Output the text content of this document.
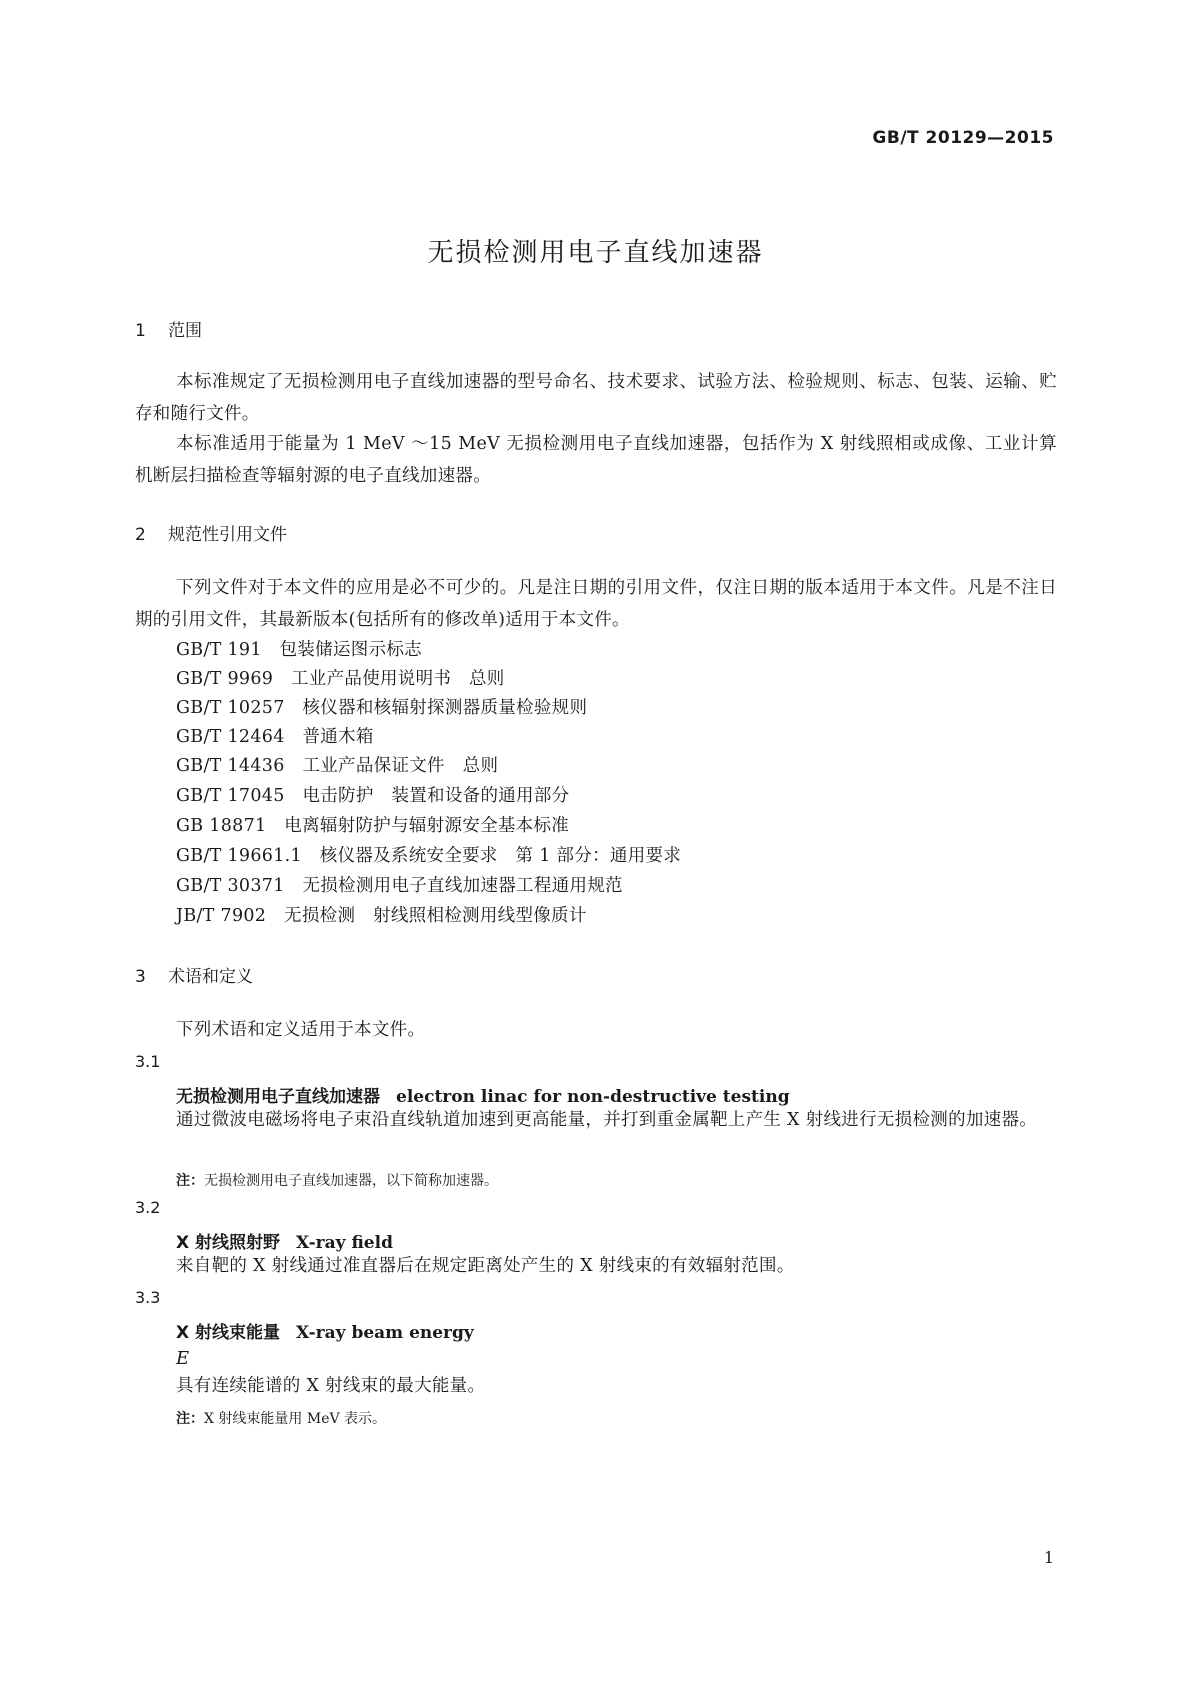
GB/T 20129—2015
无损检测用电子直线加速器
1 范围
本标准规定了无损检测用电子直线加速器的型号命名、技术要求、试验方法、检验规则、标志、包装、运输、贮存和随行文件。
本标准适用于能量为 1 MeV ～15 MeV 无损检测用电子直线加速器，包括作为 X 射线照相或成像、工业计算机断层扫描检查等辐射源的电子直线加速器。
2 规范性引用文件
下列文件对于本文件的应用是必不可少的。凡是注日期的引用文件，仅注日期的版本适用于本文件。凡是不注日期的引用文件，其最新版本(包括所有的修改单)适用于本文件。
GB/T 191　包装储运图示标志
GB/T 9969　工业产品使用说明书　总则
GB/T 10257　核仪器和核辐射探测器质量检验规则
GB/T 12464　普通木箱
GB/T 14436　工业产品保证文件　总则
GB/T 17045　电击防护　装置和设备的通用部分
GB 18871　电离辐射防护与辐射源安全基本标准
GB/T 19661.1　核仪器及系统安全要求　第 1 部分：通用要求
GB/T 30371　无损检测用电子直线加速器工程通用规范
JB/T 7902　无损检测　射线照相检测用线型像质计
3 术语和定义
下列术语和定义适用于本文件。
3.1
无损检测用电子直线加速器 electron linac for non-destructive testing
通过微波电磁场将电子束沿直线轨道加速到更高能量，并打到重金属靶上产生 X 射线进行无损检测的加速器。
注：无损检测用电子直线加速器，以下简称加速器。
3.2
X 射线照射野 X-ray field
来自靶的 X 射线通过准直器后在规定距离处产生的 X 射线束的有效辐射范围。
3.3
X 射线束能量 X-ray beam energy
E
具有连续能谱的 X 射线束的最大能量。
注：X 射线束能量用 MeV 表示。
1
